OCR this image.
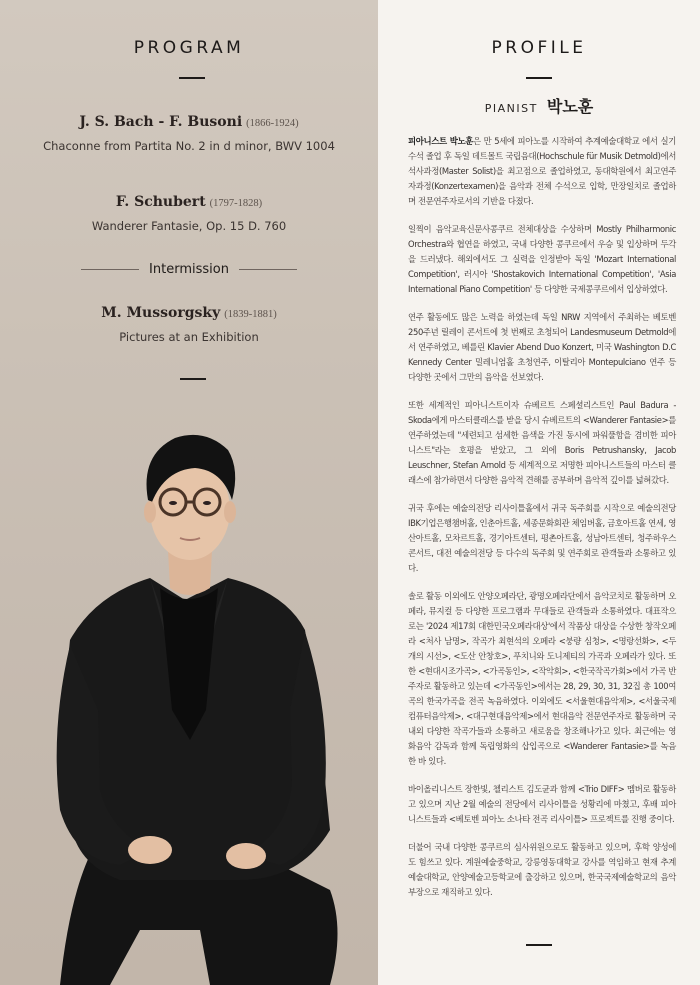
PROGRAM
J. S. Bach - F. Busoni (1866-1924)
Chaconne from Partita No. 2 in d minor, BWV 1004
F. Schubert (1797-1828)
Wanderer Fantasie, Op. 15 D. 760
Intermission
M. Mussorgsky (1839-1881)
Pictures at an Exhibition
PROFILE
PIANIST 박노훈

피아니스트 박노훈은 만 5세에 피아노를 시작하여 추계예술대학교 에서 실기 수석 졸업 후 독일 데트몰트 국립음대(Hochschule für Musik Detmold)에서 석사과정(Master Solist)을 최고점으로 졸업하였고, 동대학원에서 최고연주자과정(Konzertexamen)을 음악과 전체 수석으로 입학, 만장일치로 졸업하며 전문연주자로서의 기반을 다졌다.

일찍이 음악교육신문사콩쿠르 전체대상을 수상하며 Mostly Philharmonic Orchestra와 협연을 하였고, 국내 다양한 콩쿠르에서 우승 및 입상하며 두각을 드러냈다. 해외에서도 그 실력을 인정받아 독일 'Mozart International Competition', 러시아 'Shostakovich International Competition', 'Asia International Piano Competition' 등 다양한 국제콩쿠르에서 입상하였다.

연주 활동에도 많은 노력을 하였는데 독일 NRW 지역에서 주최하는 베토벤 250주년 릴레이 콘서트에 첫 번째로 초청되어 Landesmuseum Detmold에서 연주하였고, 베를린 Klavier Abend Duo Konzert, 미국 Washington D.C Kennedy Center 밀레니엄홀 초청연주, 이탈리아 Montepulciano 연주 등 다양한 곳에서 그만의 음악을 선보였다.

또한 세계적인 피아니스트이자 슈베르트 스페셜리스트인 Paul Badura -Skoda에게 마스터클래스를 받을 당시 슈베르트의 <Wanderer Fantasie>를 연주하였는데 "세련되고 섬세한 음색을 가진 동시에 파워풀함을 겸비한 피아니스트"라는 호평을 받았고, 그 외에 Boris Petrushansky, Jacob Leuschner, Stefan Arnold 등 세계적으로 저명한 피아니스트들의 마스터 클래스에 참가하면서 다양한 음악적 견해를 공부하며 음악적 깊이를 넓혀갔다.

귀국 후에는 예술의전당 리사이틀홀에서 귀국 독주회를 시작으로 예술의전당 IBK기업은행챔버홀, 인춘아트홀, 세종문화회관 체임버홀, 금호아트홀 연세, 영산아트홀, 모차르트홀, 경기아트센터, 평촌아트홀, 성남아트센터, 청주하우스콘서트, 대전 예술의전당 등 다수의 독주회 및 연주회로 관객들과 소통하고 있다.

솔로 활동 이외에도 안양오페라단, 광명오페라단에서 음악코치로 활동하며 오페라, 뮤지컬 등 다양한 프로그램과 무대들로 관객들과 소통하였다. 대표작으로는 '2024 제17회 대한민국오페라대상'에서 작품상 대상을 수상한 창작오페라 <처사 남명>, 작곡가 최현석의 오페라 <붕량 심청>, <명랑선화>, <두 개의 시선>, <도산 안창호>, 푸치니와 도니제티의 가곡과 오페라가 있다. 또한 <현대시조가곡>, <가곡동인>, <작악회>, <한국작곡가회>에서 가곡 반주자로 활동하고 있는데 <가곡동인>에서는 28, 29, 30, 31, 32집 총 100여 곡의 한국가곡을 전곡 녹음하였다. 이외에도 <서울현대음악제>, <서울국제컴퓨터음악제>, <대구현대음악제>에서 현대음악 전문연주자로 활동하며 국내외 다양한 작곡가들과 소통하고 새로움을 창조해나가고 있다. 최근에는 영화음악 감독과 함께 독립영화의 삽입곡으로 <Wanderer Fantasie>를 녹음한 바 있다.

바이올리니스트 장한빛, 첼리스트 김도균과 함께 <Trio DIFF> 멤버로 활동하고 있으며 지난 2월 예술의 전당에서 리사이틀을 성황리에 마쳤고, 후배 피아니스트들과 <베토벤 피아노 소나타 전곡 리사이틀> 프로젝트를 진행 중이다.

더불어 국내 다양한 콩쿠르의 심사위원으로도 활동하고 있으며, 후학 양성에도 힘쓰고 있다. 계원예술중학교, 강릉영동대학교 강사를 역임하고 현재 추계예술대학교, 안양예술고등학교에 출강하고 있으며, 한국국제예술학교의 음악부장으로 재직하고 있다.
